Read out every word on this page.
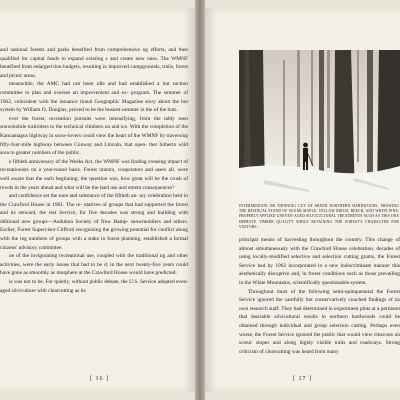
and national forests and parks benefited from comprehensive ng efforts, and then qualified for capital funds to expand existing s and create new ones. The WMNF benefited from enlarged tion budgets, resulting in improved campgrounds, trails, forest and picnic areas.

meanwhile, the AMC had not been idle and had established a hut ruction committee to plan and oversee an improvement and ex- program. The summer of 1962, coincident with the issuance tional Geographic Magazine story about the hut system by William O. Douglas, proved to be the busiest summer in the of the huts.

ever the forest, recreation pursuits were intensifying, from the tably seen snowmobile trailriders to the technical climbers on and ice. With the completion of the Kancamagus highway in snow-lovers could view the heart of the WMNF by traversing fifty-four-mile highway between Conway and Lincoln, that open- ther hitherto wild area to greater numbers of the public.

e fiftieth anniversary of the Weeks Act, the WMNF was finding creasing impact of recreationists on a year-round basis. Forest nrators, cooperators and users all, were well aware that the each beginning; the question was, how great will be the crush of rowds in the years ahead and what will be the land use and ement consequences?

and confidence set the tone and substance of the fiftieth an- ary celebration held in the Crawford House in 1961. The re- ntatives of groups that had supported the forest and its steward, the rest Service, for five decades was strong and building with dditional new groups—Audubon Society of New Hamp- snowmobilers and others. Earlier, Forest Supervisor Clifford recognizing the growing potential for conflict along with the ing numbers of groups with a stake in forest planning, established a formal citizens' advisory committee.

ne of the invigorating recreational use, coupled with the traditional ng and other activities, were the early issues that had to be d; in the next twenty-five years could have gone as smoothly as mosphere at the Crawford House would have predicted.

is was not to be. For quietly, without public debate, the U.S. Service adopted even-aged silviculture with clearcutting as its

[ 16 ]
INTERMEDIATE OR THINNING CUT OF MIXED NORTHERN HARDWOODS, SHOWING THE RESIDUAL STAND OF SUGAR MAPLE, YELLOW BIRCH, BEECH, AND WHITE PINE. PROPERLY APPLIED UNEVEN-AGED SILVICULTURAL TREATMENTS SUCH AS THIS ONE IMPROVE TIMBER QUALITY WHILE RETAINING THE FOREST'S CHARACTER FOR VISITORS.

principal means of harvesting throughout the country. This change of almost simultaneously with the Crawford House celebration. decades of using locally-modified selective and selection cutting grams, the Forest Service had by 1962 incorporated in a new indiscriminate manner this aesthetically disruptive and, in forest conditions such as those prevailing in the White Mountains, scientifically questionable system.

Throughout most of the following semi-quinquennial the Forest Service ignored the carefully but conservatively couched findings of its own research staff. They had determined in experiment plots at a pertinent that desirable silvicultural results in northern hardwoods could be obtained through individual and group selection cutting. Perhaps even worse, the Forest Service ignored the public that would view clearcuts on scenic slopes and along highly visible trails and roadways. Strong criticism of clearcutting was heard from many

[ 17 ]
